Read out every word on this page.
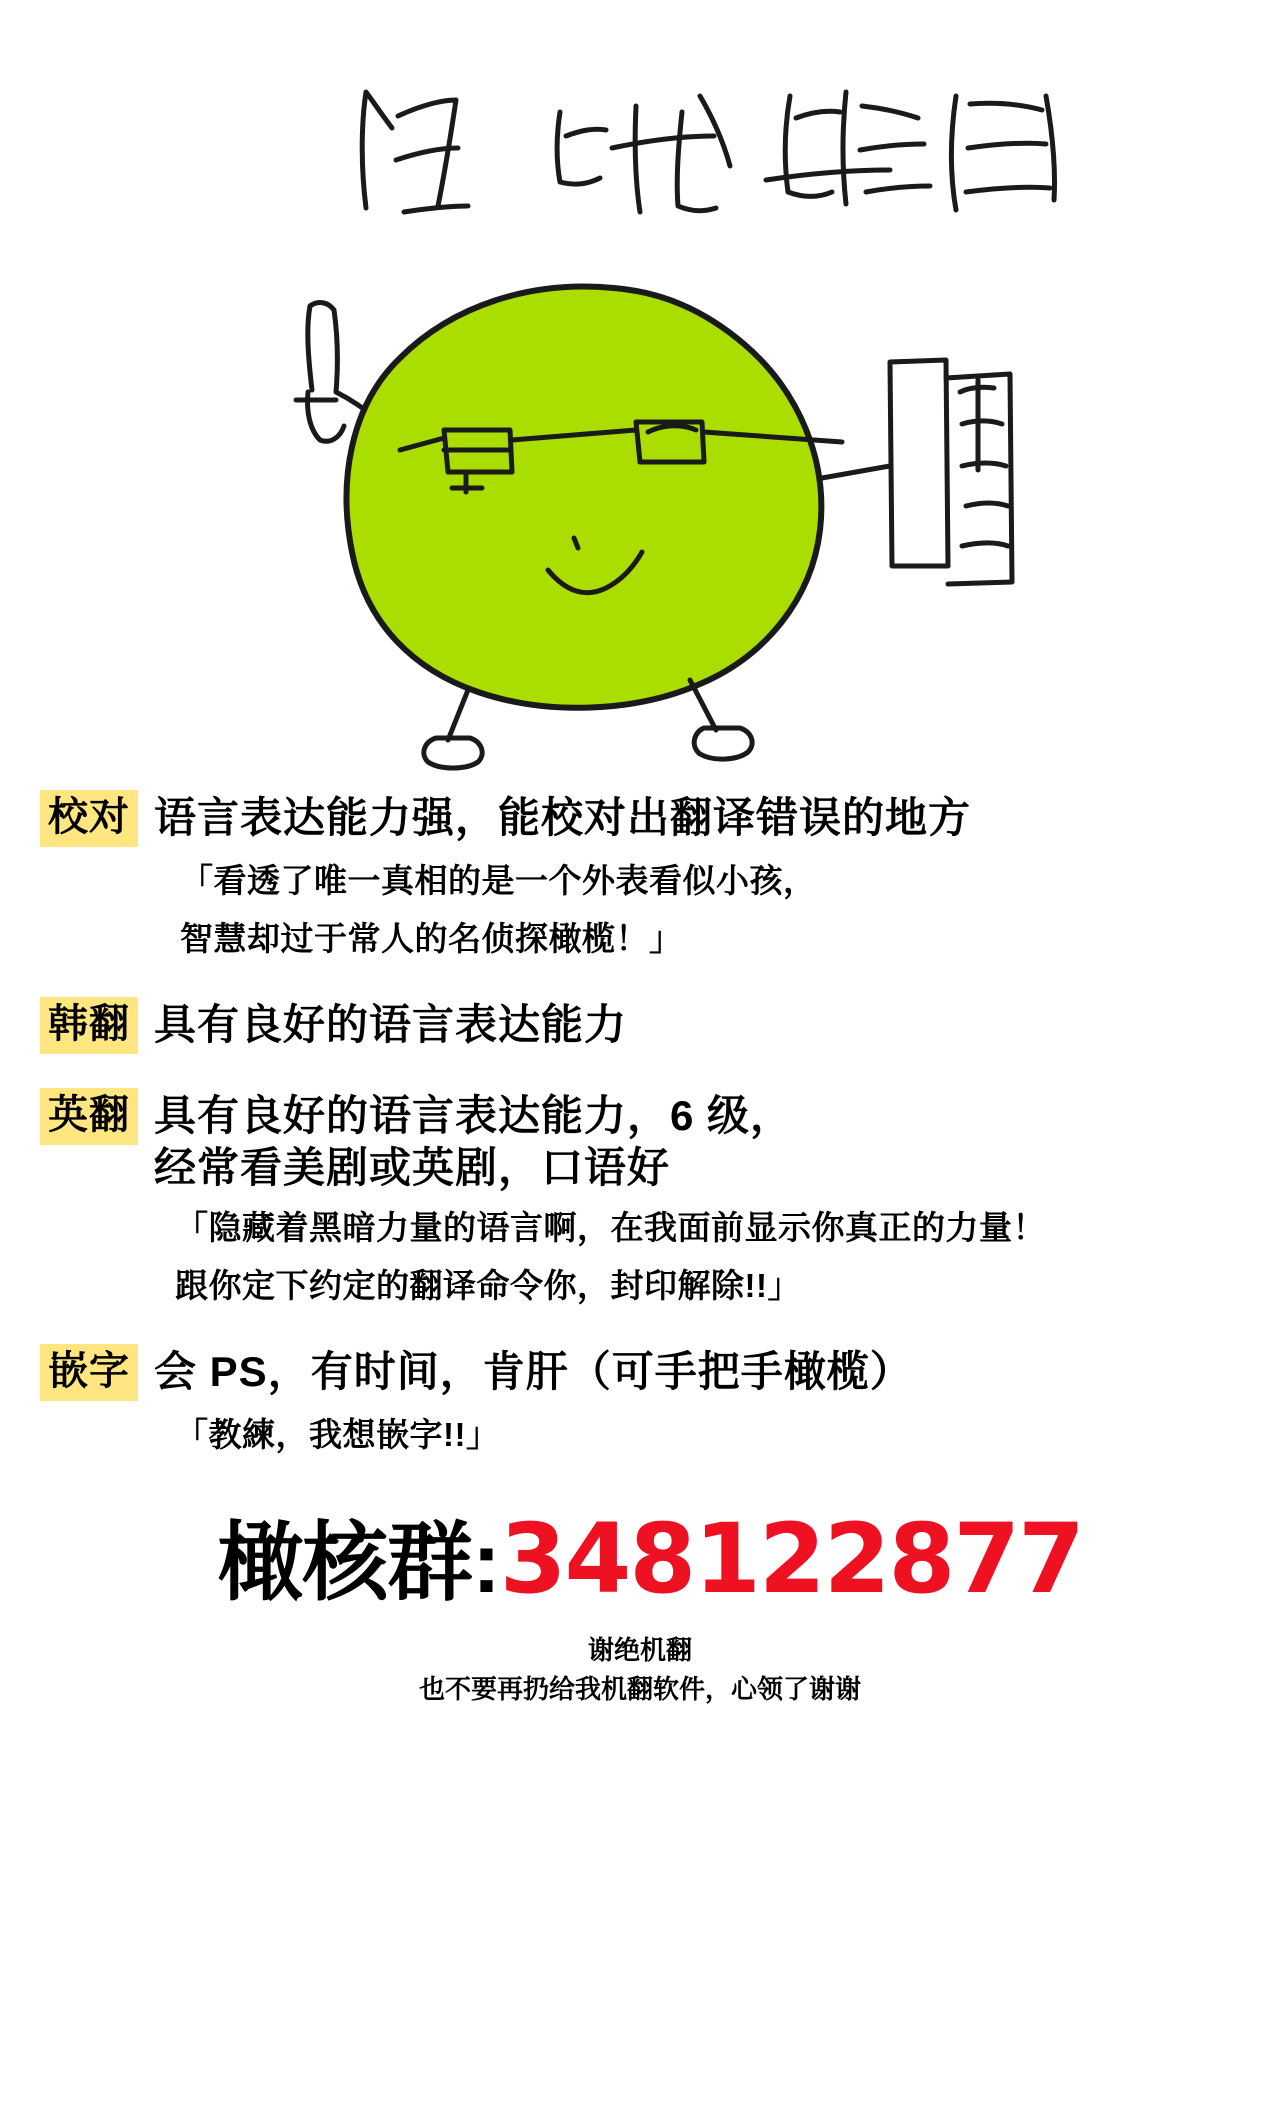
校对 语言表达能力强，能校对出翻译错误的地方
「看透了唯一真相的是一个外表看似小孩，
智慧却过于常人的名侦探橄榄！」
韩翻 具有良好的语言表达能力
英翻 具有良好的语言表达能力，6 级，
经常看美剧或英剧，口语好
「隐藏着黑暗力量的语言啊，在我面前显示你真正的力量！
跟你定下约定的翻译命令你，封印解除!!」
嵌字 会 PS，有时间，肯肝（可手把手橄榄）
「教練，我想嵌字!!」
橄核群: 348122877
谢绝机翻
也不要再扔给我机翻软件，心领了谢谢
